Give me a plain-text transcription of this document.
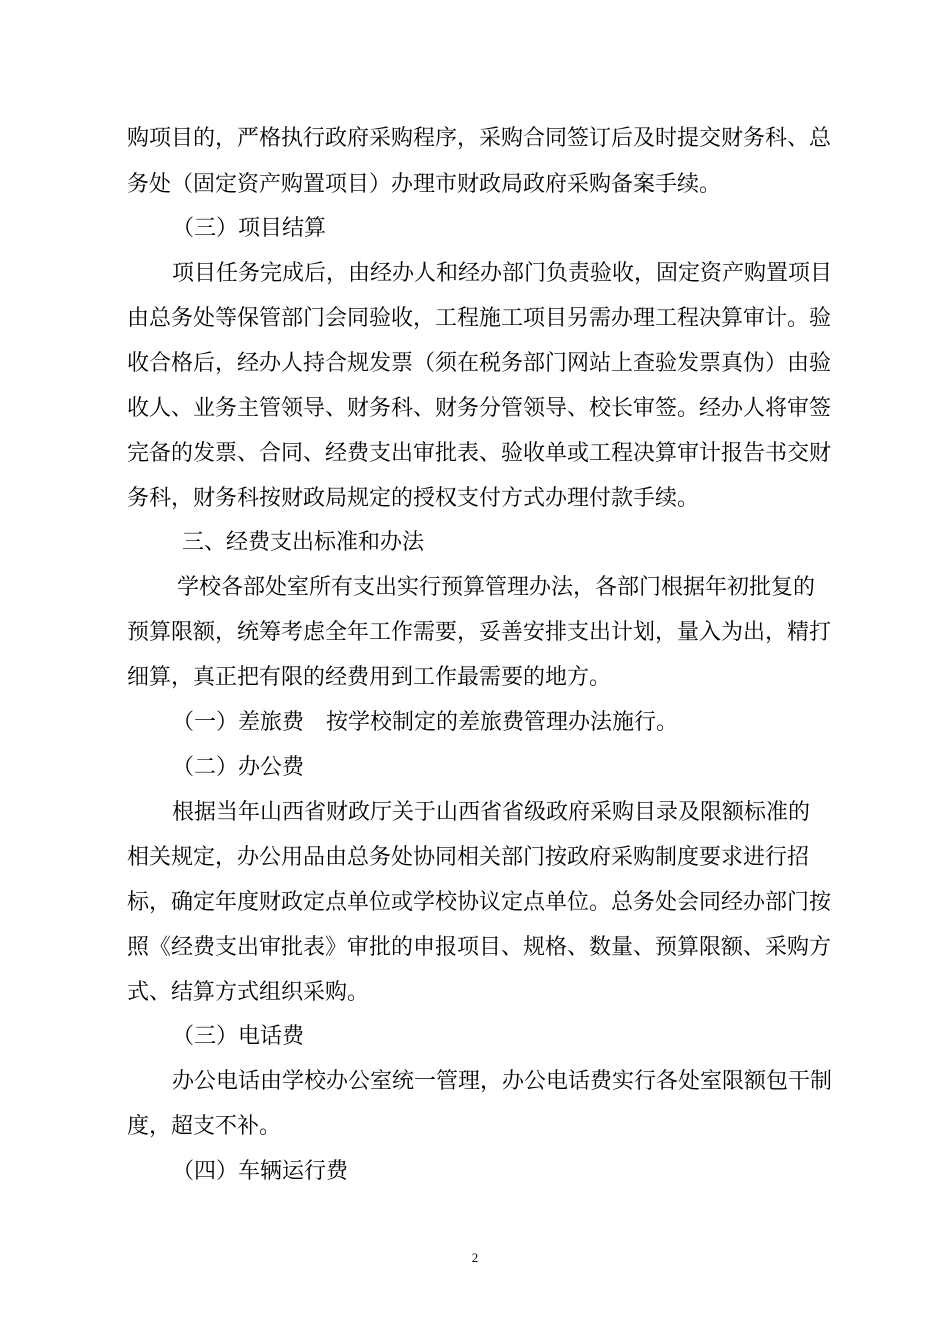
购项目的，严格执行政府采购程序，采购合同签订后及时提交财务科、总
务处（固定资产购置项目）办理市财政局政府采购备案手续。
（三）项目结算
项目任务完成后，由经办人和经办部门负责验收，固定资产购置项目
由总务处等保管部门会同验收，工程施工项目另需办理工程决算审计。验
收合格后，经办人持合规发票（须在税务部门网站上查验发票真伪）由验
收人、业务主管领导、财务科、财务分管领导、校长审签。经办人将审签
完备的发票、合同、经费支出审批表、验收单或工程决算审计报告书交财
务科，财务科按财政局规定的授权支付方式办理付款手续。
三、经费支出标准和办法
学校各部处室所有支出实行预算管理办法，各部门根据年初批复的
预算限额，统筹考虑全年工作需要，妥善安排支出计划，量入为出，精打
细算，真正把有限的经费用到工作最需要的地方。
（一）差旅费　按学校制定的差旅费管理办法施行。
（二）办公费
根据当年山西省财政厅关于山西省省级政府采购目录及限额标准的
相关规定，办公用品由总务处协同相关部门按政府采购制度要求进行招
标，确定年度财政定点单位或学校协议定点单位。总务处会同经办部门按
照《经费支出审批表》审批的申报项目、规格、数量、预算限额、采购方
式、结算方式组织采购。
（三）电话费
办公电话由学校办公室统一管理，办公电话费实行各处室限额包干制
度，超支不补。
（四）车辆运行费
2
